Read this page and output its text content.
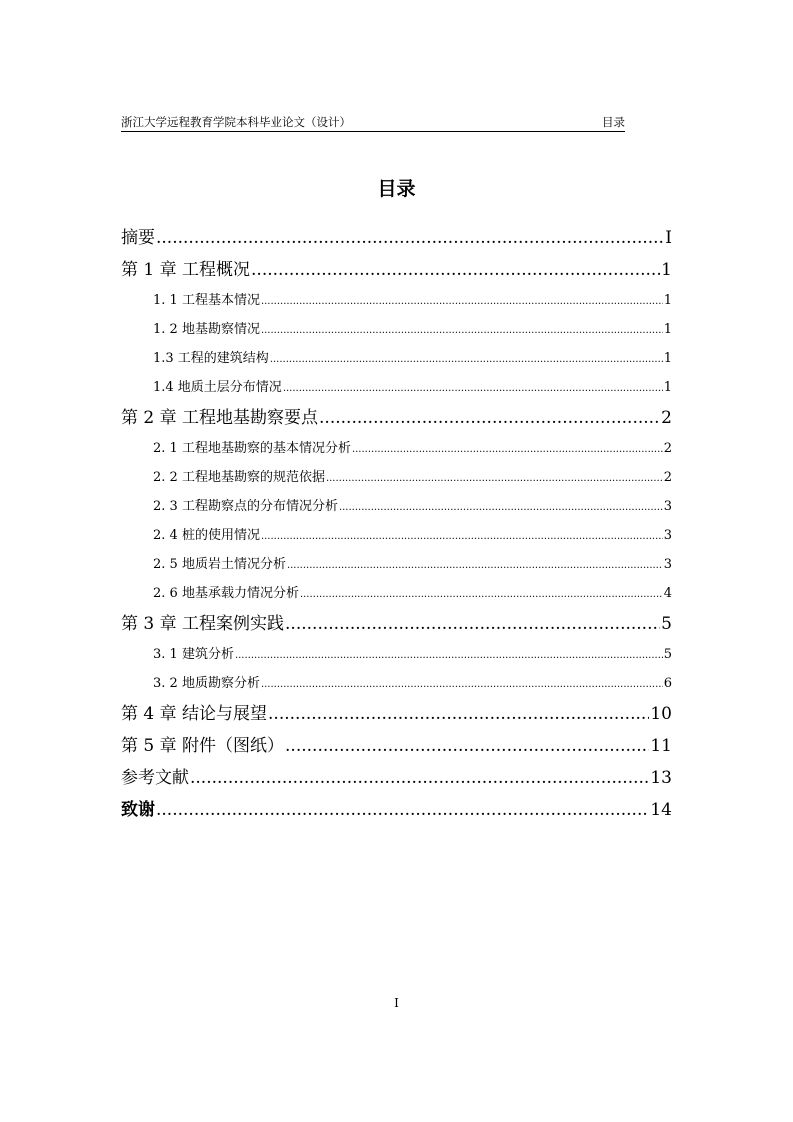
浙江大学远程教育学院本科毕业论文（设计）	目录
目录
摘要 .....	I
第 1 章 工程概况 .....	1
1. 1 工程基本情况 .....	1
1. 2 地基勘察情况 .....	1
1.3 工程的建筑结构 .....	1
1.4 地质土层分布情况 .....	1
第 2 章 工程地基勘察要点 .....	2
2. 1 工程地基勘察的基本情况分析 .....	2
2. 2 工程地基勘察的规范依据 .....	2
2. 3 工程勘察点的分布情况分析 .....	3
2. 4 桩的使用情况 .....	3
2. 5 地质岩土情况分析 .....	3
2. 6 地基承载力情况分析 .....	4
第 3 章 工程案例实践 .....	5
3. 1 建筑分析 .....	5
3. 2 地质勘察分析 .....	6
第 4 章 结论与展望 .....	10
第 5 章 附件（图纸） .....	11
参考文献 .....	13
致谢 .....	14
I
